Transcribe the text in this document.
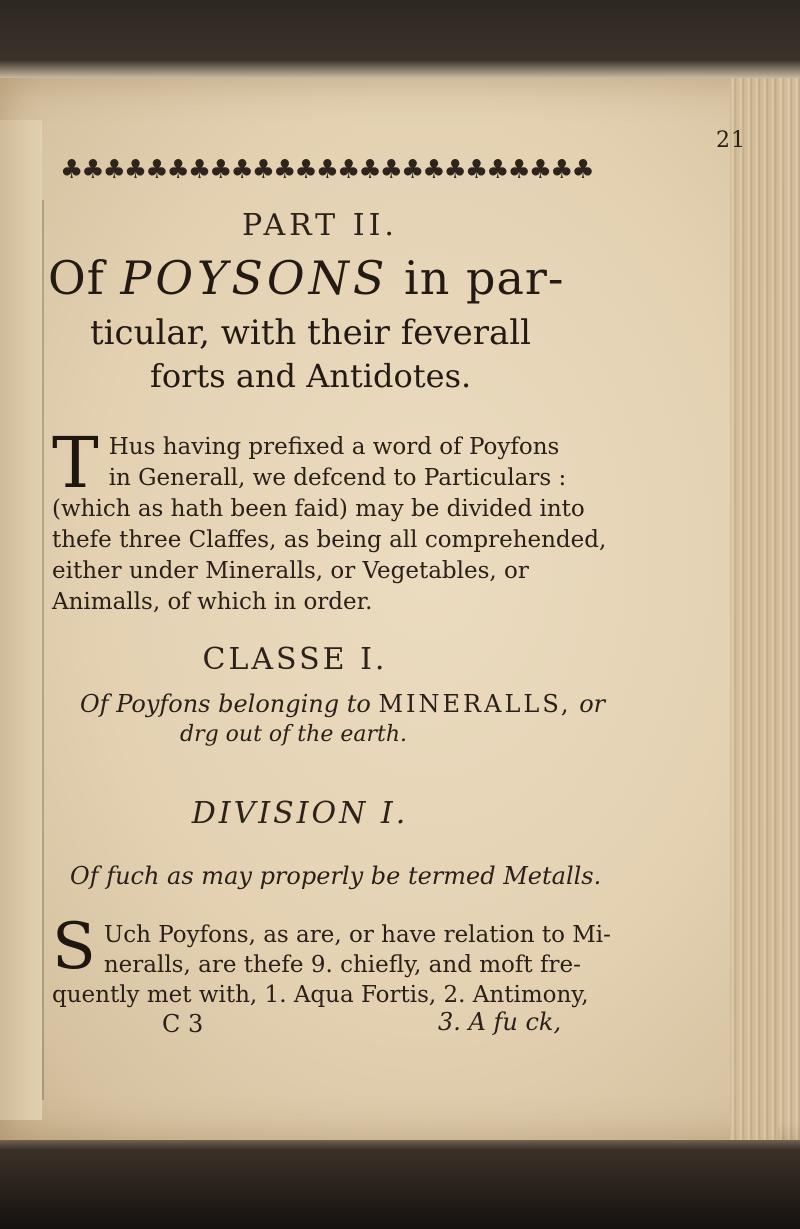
21
♣♣♣♣♣♣♣♣♣♣♣♣♣♣♣♣♣♣♣♣♣♣♣♣♣
PART II.
Of POYSONS in par-
ticular, with their feverall
forts and Antidotes.
T Hus having prefixed a word of Poyfons
in Generall, we defcend to Particulars :
(which as hath been faid) may be divided into
thefe three Claffes, as being all comprehended,
either under Mineralls, or Vegetables, or
Animalls, of which in order.
CLASSE I.
Of Poyfons belonging to MINERALLS, or
drg out of the earth.
DIVISION I.
Of fuch as may properly be termed Metalls.
S Uch Poyfons, as are, or have relation to Mi-
neralls, are thefe 9. chiefly, and moft fre-
quently met with, 1. Aqua Fortis, 2. Antimony,
C 3	3. A fu ck,
